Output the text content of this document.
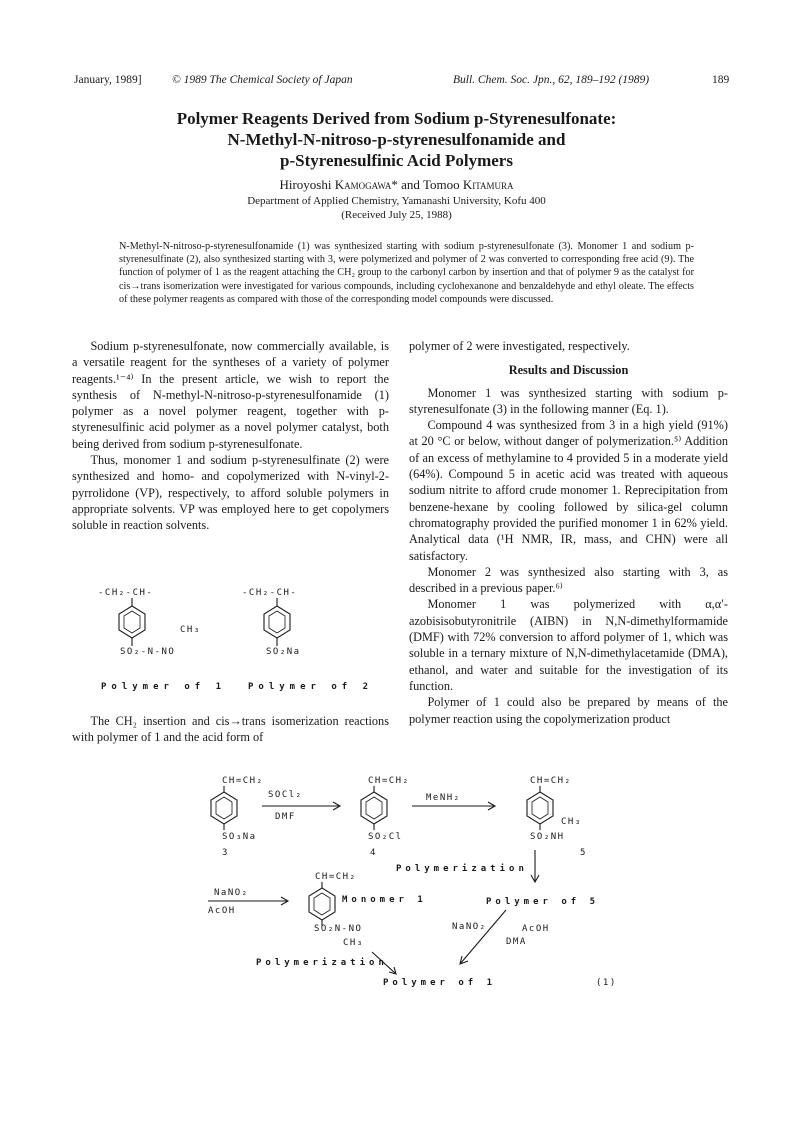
January, 1989]	© 1989 The Chemical Society of Japan	Bull. Chem. Soc. Jpn., 62, 189–192 (1989)	189
Polymer Reagents Derived from Sodium p-Styrenesulfonate:
N-Methyl-N-nitroso-p-styrenesulfonamide and
p-Styrenesulfinic Acid Polymers
Hiroyoshi Kamogawa* and Tomoo Kitamura
Department of Applied Chemistry, Yamanashi University, Kofu 400
(Received July 25, 1988)
N-Methyl-N-nitroso-p-styrenesulfonamide (1) was synthesized starting with sodium p-styrenesulfonate (3). Monomer 1 and sodium p-styrenesulfinate (2), also synthesized starting with 3, were polymerized and polymer of 2 was converted to corresponding free acid (9). The function of polymer of 1 as the reagent attaching the CH₂ group to the carbonyl carbon by insertion and that of polymer 9 as the catalyst for cis→trans isomerization were investigated for various compounds, including cyclohexanone and benzaldehyde and ethyl oleate. The effects of these polymer reagents as compared with those of the corresponding model compounds were discussed.

Sodium p-styrenesulfonate, now commercially available, is a versatile reagent for the syntheses of a variety of polymer reagents.¹⁻⁴⁾ In the present article, we wish to report the synthesis of N-methyl-N-nitroso-p-styrenesulfonamide (1) polymer as a novel polymer reagent, together with p-styrenesulfinic acid polymer as a novel polymer catalyst, both being derived from sodium p-styrenesulfonate.

Thus, monomer 1 and sodium p-styrenesulfinate (2) were synthesized and homo- and copolymerized with N-vinyl-2-pyrrolidone (VP), respectively, to afford soluble polymers in appropriate solvents. VP was employed here to get copolymers soluble in reaction solvents.

-CH₂-CH-
CH₃
SO₂-N-NO
Polymer of 1
-CH₂-CH-
SO₂Na
Polymer of 2

The CH₂ insertion and cis→trans isomerization reactions with polymer of 1 and the acid form of

polymer of 2 were investigated, respectively.

Results and Discussion

Monomer 1 was synthesized starting with sodium p-styrenesulfonate (3) in the following manner (Eq. 1).

Compound 4 was synthesized from 3 in a high yield (91%) at 20 °C or below, without danger of polymerization.⁵⁾ Addition of an excess of methylamine to 4 provided 5 in a moderate yield (64%). Compound 5 in acetic acid was treated with aqueous sodium nitrite to afford crude monomer 1. Reprecipitation from benzene-hexane by cooling followed by silica-gel column chromatography provided the purified monomer 1 in 62% yield. Analytical data (¹H NMR, IR, mass, and CHN) were all satisfactory.

Monomer 2 was synthesized also starting with 3, as described in a previous paper.⁶⁾

Monomer 1 was polymerized with α,α′-azobisisobutyronitrile (AIBN) in N,N-dimethylformamide (DMF) with 72% conversion to afford polymer of 1, which was soluble in a ternary mixture of N,N-dimethylacetamide (DMA), ethanol, and water and suitable for the investigation of its function.

Polymer of 1 could also be prepared by means of the polymer reaction using the copolymerization product

CH=CH₂
SO₃Na
3
SOCl₂
DMF
CH=CH₂
SO₂Cl
4
MeNH₂
CH=CH₂
CH₃
SO₂NH
5
Polymerization
NaNO₂
AcOH
CH=CH₂
Monomer 1
SO₂N-NO
CH₃
Polymer of 5
NaNO₂	AcOH
DMA
Polymerization
Polymer of 1	(1)
